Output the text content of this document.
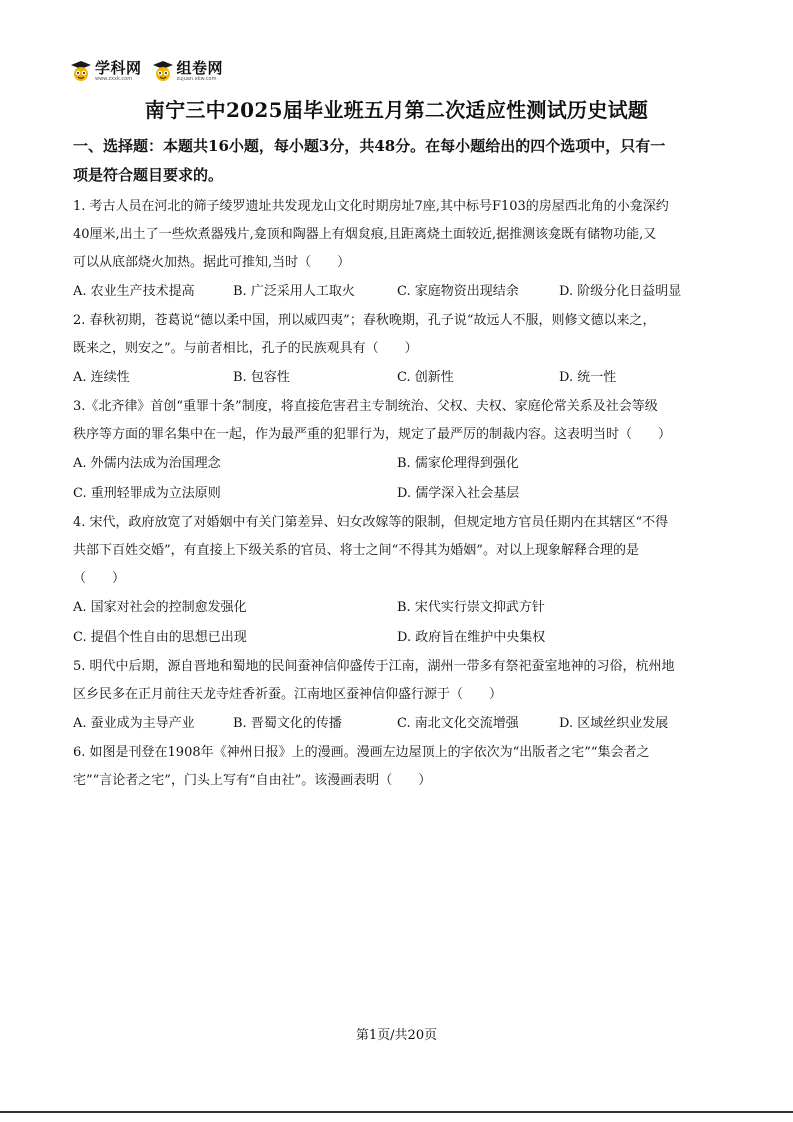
学科网
www.zxxk.com
组卷网
zujuan.xkw.com
南宁三中2025届毕业班五月第二次适应性测试历史试题
一、选择题：本题共16小题，每小题3分，共48分。在每小题给出的四个选项中，只有一
项是符合题目要求的。

1. 考古人员在河北的筛子绫罗遗址共发现龙山文化时期房址7座,其中标号F103的房屋西北角的小龛深约

40厘米,出土了一些炊煮器残片,龛顶和陶器上有烟炱痕,且距离烧土面较近,据推测该龛既有储物功能,又

可以从底部烧火加热。据此可推知,当时（　　）

A. 农业生产技术提高	B. 广泛采用人工取火	C. 家庭物资出现结余	D. 阶级分化日益明显

2. 春秋初期，苍葛说“德以柔中国，刑以威四夷”；春秋晚期，孔子说“故远人不服，则修文德以来之，

既来之，则安之”。与前者相比，孔子的民族观具有（　　）

A. 连续性	B. 包容性	C. 创新性	D. 统一性

3.《北齐律》首创“重罪十条”制度，将直接危害君主专制统治、父权、夫权、家庭伦常关系及社会等级

秩序等方面的罪名集中在一起，作为最严重的犯罪行为，规定了最严厉的制裁内容。这表明当时（　　）

A. 外儒内法成为治国理念	B. 儒家伦理得到强化
C. 重刑轻罪成为立法原则	D. 儒学深入社会基层

4. 宋代，政府放宽了对婚姻中有关门第差异、妇女改嫁等的限制，但规定地方官员任期内在其辖区“不得

共部下百姓交婚”，有直接上下级关系的官员、将士之间“不得其为婚姻”。对以上现象解释合理的是

（　　）

A. 国家对社会的控制愈发强化	B. 宋代实行崇文抑武方针
C. 提倡个性自由的思想已出现	D. 政府旨在维护中央集权

5. 明代中后期，源自晋地和蜀地的民间蚕神信仰盛传于江南，湖州一带多有祭祀蚕室地神的习俗，杭州地

区乡民多在正月前往天龙寺炷香祈蚕。江南地区蚕神信仰盛行源于（　　）

A. 蚕业成为主导产业	B. 晋蜀文化的传播	C. 南北文化交流增强	D. 区域丝织业发展

6. 如图是刊登在1908年《神州日报》上的漫画。漫画左边屋顶上的字依次为“出版者之宅”“集会者之

宅”“言论者之宅”，门头上写有“自由社”。该漫画表明（　　）

第1页/共20页
